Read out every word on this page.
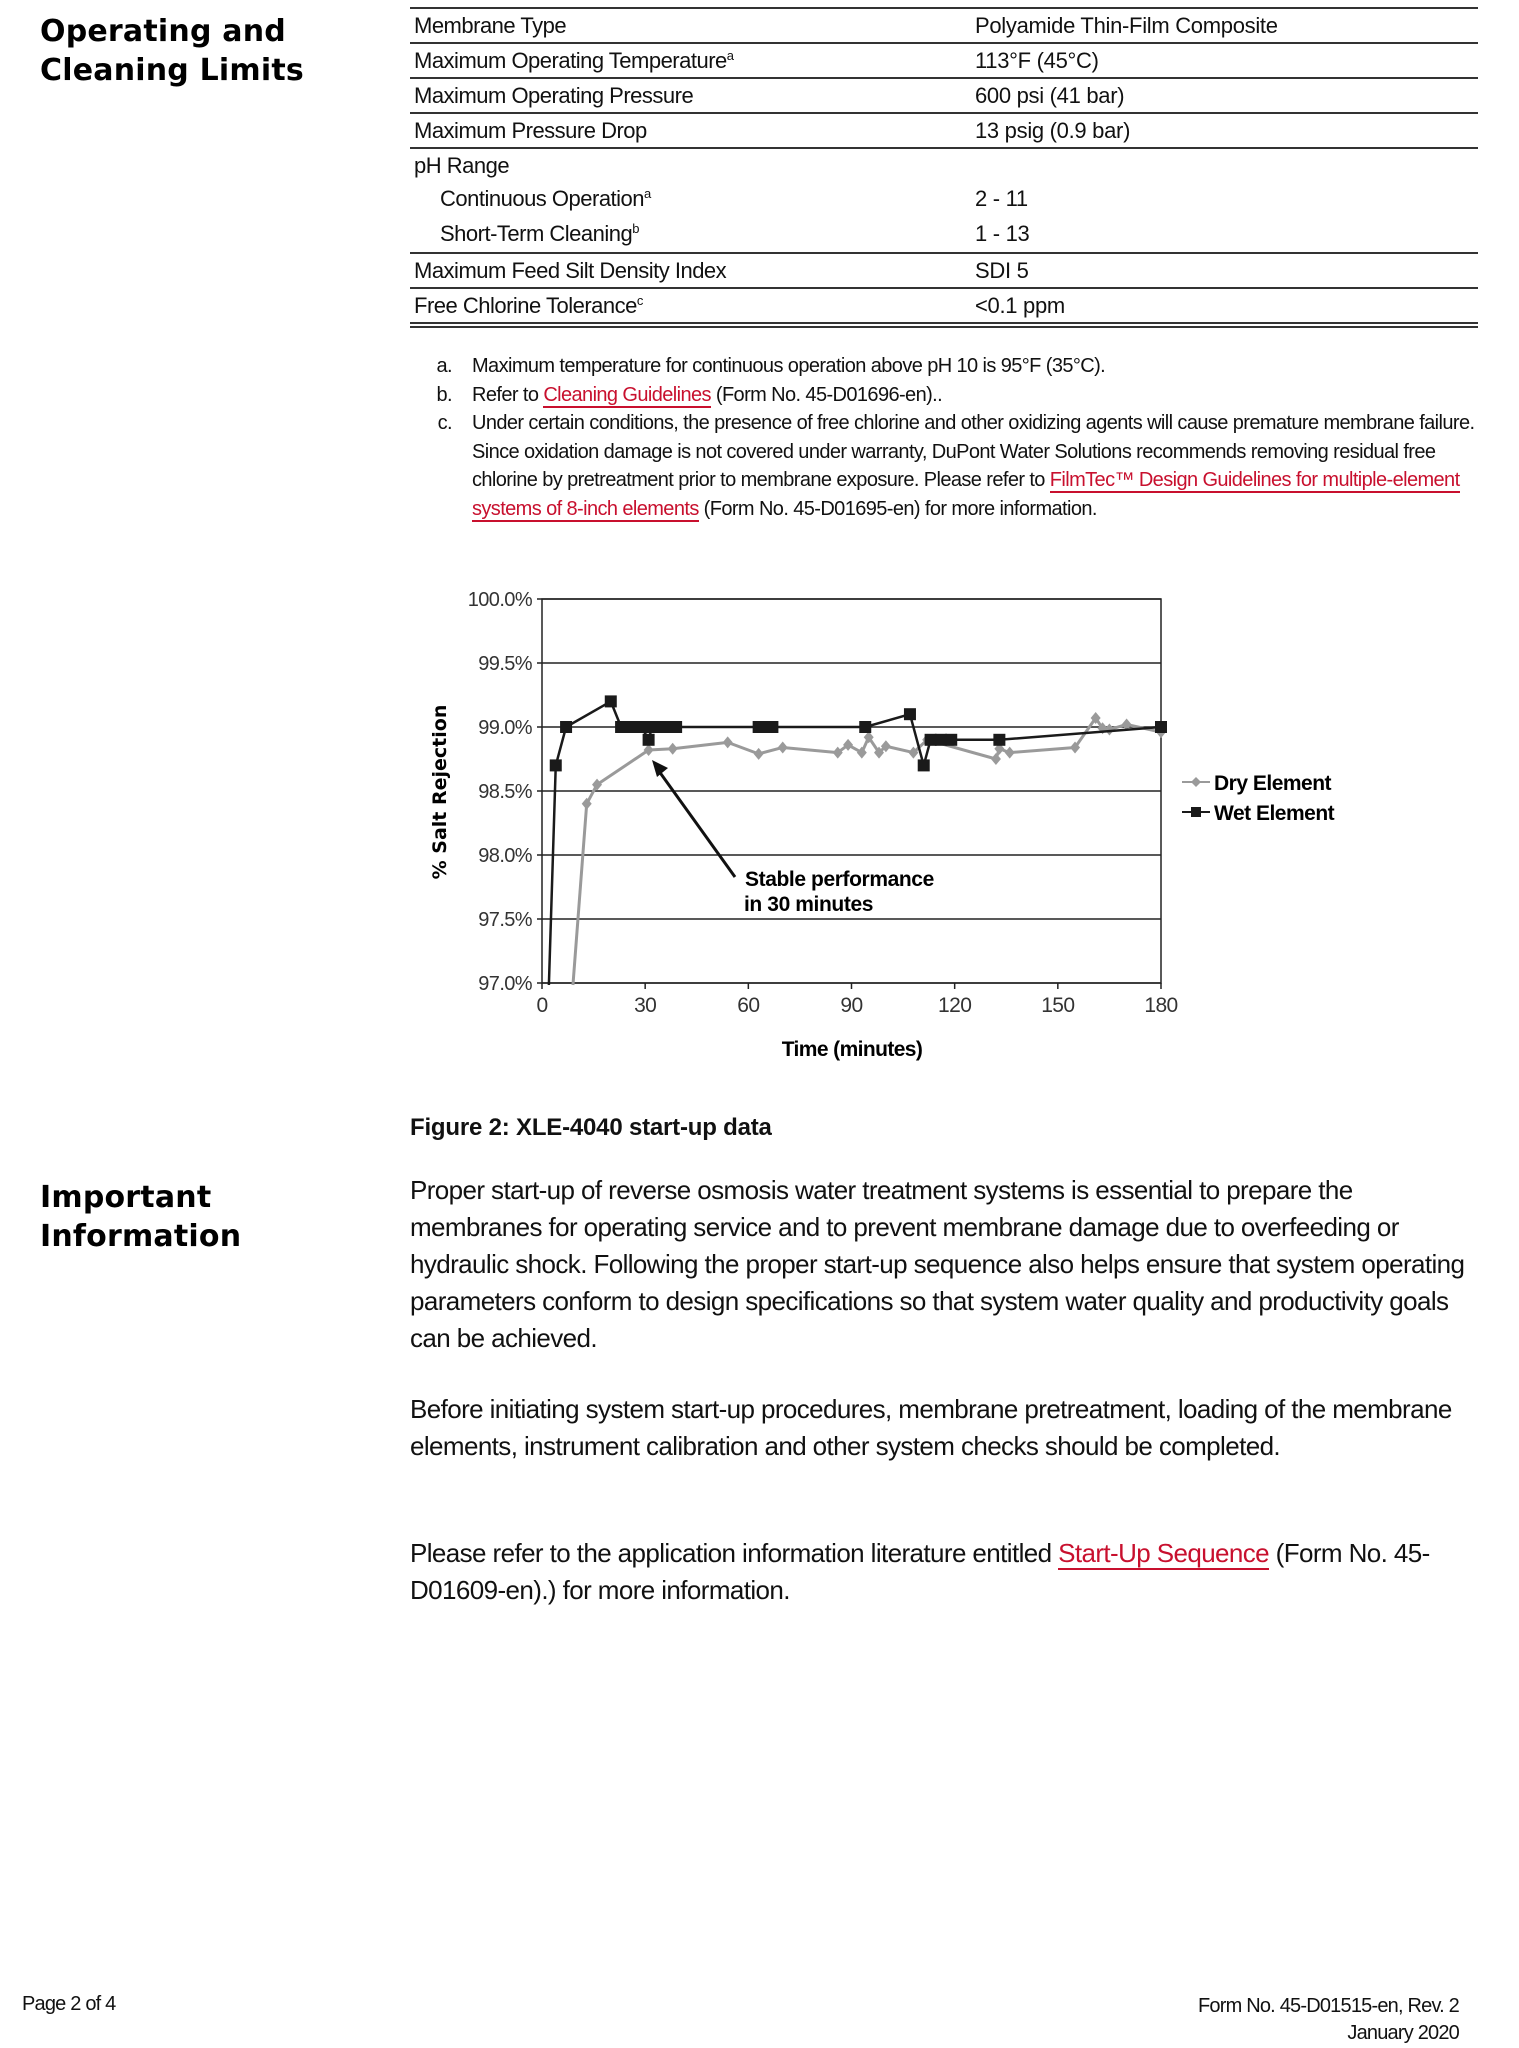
Operating and
Cleaning Limits
Membrane Type	Polyamide Thin-Film Composite
Maximum Operating Temperature$^a$	113°F (45°C)
Maximum Operating Pressure	600 psi (41 bar)
Maximum Pressure Drop	13 psig (0.9 bar)
pH Range
Continuous Operation$^a$	2 - 11
Short-Term Cleaning$^b$	1 - 13
Maximum Feed Silt Density Index	SDI 5
Free Chlorine Tolerance$^c$	<0.1 ppm
a. Maximum temperature for continuous operation above pH 10 is 95°F (35°C).
b. Refer to Cleaning Guidelines (Form No. 45-D01696-en)..
c. Under certain conditions, the presence of free chlorine and other oxidizing agents will cause premature membrane failure. Since oxidation damage is not covered under warranty, DuPont Water Solutions recommends removing residual free chlorine by pretreatment prior to membrane exposure. Please refer to FilmTec™ Design Guidelines for multiple-element systems of 8-inch elements (Form No. 45-D01695-en) for more information.
97.0%
97.5%
98.0%
98.5%
99.0%
99.5%
100.0%
0	30	60	90	120	150	180
% Salt Rejection
Time (minutes)
Stable performance
in 30 minutes
Dry Element
Wet Element
Figure 2: XLE-4040 start-up data
Important
Information
Proper start-up of reverse osmosis water treatment systems is essential to prepare the membranes for operating service and to prevent membrane damage due to overfeeding or hydraulic shock. Following the proper start-up sequence also helps ensure that system operating parameters conform to design specifications so that system water quality and productivity goals can be achieved.
Before initiating system start-up procedures, membrane pretreatment, loading of the membrane elements, instrument calibration and other system checks should be completed.
Please refer to the application information literature entitled Start-Up Sequence (Form No. 45-D01609-en).) for more information.
Page 2 of 4	Form No. 45-D01515-en, Rev. 2
January 2020
